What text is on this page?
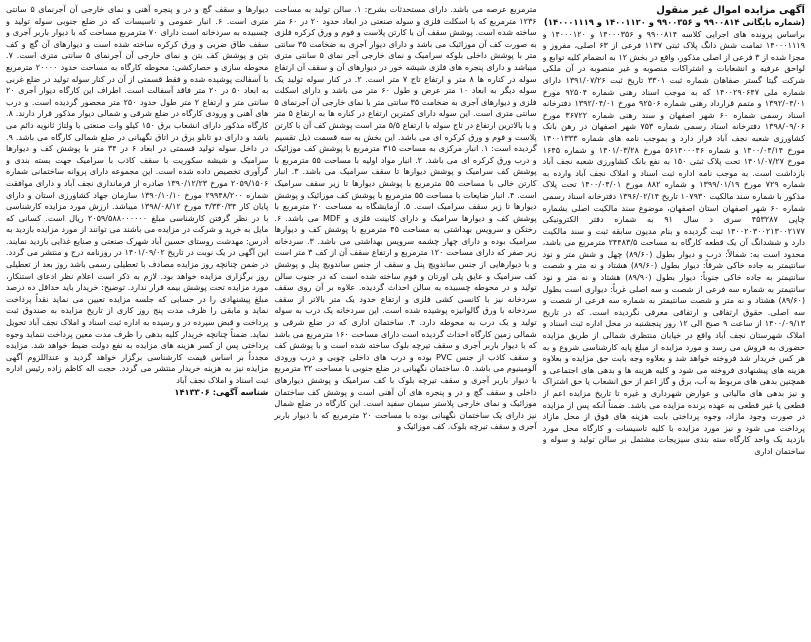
آگهی مزایده اموال غیر منقول

(شماره بایگانی ۹۹۰۰۸۱۴ و ۹۹۰۰۳۵۶ و ۱۴۰۰۱۱۲۰ و ۱۴۰۰۰۱۱۱۹)

براساس پرونده های اجرایی کلاسه ۹۹۰۰۸۱۴ و ۱۴۰۰۰۳۵۶ و ۱۴۰۰۰۱۲۰ و ۱۴۰۰۰۱۱۱۹ تمامت شش دانگ پلاک ثبتی ۱۱۳۷ فرعی از ۶۳ اصلی، مفروز و مجزا شده از ۳ فرعی از اصلی مذکور، واقع در بخش ۱۲ به انضمام کلیه توابع و لواحق عرفیه و انشعابات و اشتراکات منصوبه و غیر منصوبه در آن ملکی شرکت گیتا گستر صفاهان شماره ثبت ۳۳۰۱ تاریخ ثبت ۱۳۹۱/۰۷/۲۶ دارای شماره ملی ۱۴۰۰۲۹۰۶۴۷ که به موجب اسناد رهنی شماره ۹۲۵۰۴ مورخ ۱۳۹۲/۰۴/۰۱ و متمم قرارداد رهنی شماره ۹۲۵۰۶ مورخ ۱۳۹۲/۰۴/۰۱ دفترخانه اسناد رسمی شماره ۶۰ شهر اصفهان و سند رهنی شماره ۳۶۷۲۲ مورخ ۱۳۹۸/۰۹/۰۶ دفترخانه اسناد رسمی شماره ۷۵۳ شهر اصفهان در رهن بانک کشاورزی شعبه نجف آباد قرار دارد و بموجب نامه های شماره ۱۴۰۰۱۳۳۳ مورخ ۱۴۰۰/۰۴/۱۴ و شماره ۵۶۱۴۰۰۰۴۶ مورخ ۱۴۰۱/۰۳/۲۸ و شماره ۱۶۴۵ مورخ ۱۴۰۱/۰۷/۲۷ تحت پلاک ثبتی ۱۵۰ به نفع بانک کشاورزی شعبه نجف آباد بازداشت است. به موجب نامه اداره ثبت اسناد و املاک نجف آباد وارده به شماره ۷۲۹ مورخ ۱۳۹۹/۰۱/۱۹ و شماره ۸۸۲ مورخ ۱۴۰۰/۰۴/۰۱ تحت پلاک مذکور با شماره سند مالکیت ۱۰۷۹۳۰ تاریخ ۱۳۹۶/۰۲/۱۴ دفترخانه اسناد رسمی شماره ۶۰ شهر اصفهان استان اصفهان، موضوع سند مالکیت اصلی بشماره چاپی ۴۵۳۲۸۷ سری د سال ۹۱ به شماره دفتر الکترونیکی ۱۴۰۰۲۰۳۰۰۲۱۳۰۰۲۱۷۷ ثبت گردیده و بنام مدیون سابقه ثبت و سند مالکیت دارد و ششدانگ آن یک قطعه کارگاه به مساحت ۲۴۴۸۳/۵ مترمربع می باشد، محدود است به: شمالاً: درب و دیوار بطول (۸۹/۶۰) چهل و شش متر و نود سانتیمتر به جاده خاکی شرقاً: دیوار بطول (۸۹/۶۰) هشتاد و نه متر و شصت سانتیمتر به جاده خاکی جنوباً: دیوار بطول (۸۹/۹۰) هشتاد و نه متر و نود سانتیمتر به شماره سه فرعی از شصت و سه اصلی غرباً: دیواری است بطول (۸۹/۶۰) هشتاد و نه متر و شصت سانتیمتر به شماره سه فرعی از شصت و سه اصلی. حقوق ارتفاقی و ارتفاقی معرفی نگردیده است. که در تاریخ ۱۴۰۰/۰۹/۱۳ از ساعت ۹ صبح الی ۱۲ روز پنجشنبه در محل اداره ثبت اسناد و املاک شهرستان نجف آباد واقع در خیابان منتظری شمالی از طریق مزایده حضوری به فروش می رسد و مورد مزایده از مبلغ پایه کارشناسی شروع و به هر کس خریدار شد فروخته خواهد شد و بعلاوه وجه بابت حق مزایده و بعلاوه هزینه های پیشنهادی فروخته می شود و کلیه هزینه ها و بدهی های اجتماعی و همچنین بدهی های مربوط به آب، برق و گاز اعم از حق انشعاب یا حق اشتراک و نیز بدهی های مالیاتی و عوارض شهرداری و غیره تا تاریخ مزایده اعم از قطعی یا غیر قطعی به عهده برنده مزایده می باشد. ضمناً آنکه پس از مزایده در صورت وجود مازاد، وجوه پرداختی بابت هزینه های فوق از محل مازاد پرداخت می شود و نیز مورد مزایده با کلیه تاسیسات و کارگاه محل مورد بازدید یک واحد کارگاه سته بندی سیزیجات مشتمل بر سالن تولید و سوله و ساختمان اداری

مترمربع عرصه می باشد. دارای مستحدثات بشرح: ۱. سالن تولید به مساحت ۱۲۳۶ مترمربع که با اسکلت فلزی و سوله صنعتی در ابعاد حدود ۲۰ در ۶۰ متر ساخته شده است. پوشش سقف آن با کارتن پلاست و فوم و ورق کرکره فلزی به صورت کف آن موزائیک می باشد و دارای دیوار آجری به ضخامت ۳۵ سانتی متر با پوشش داخلی بلوکه سرامیک و نمای خارجی آجر نمای ۵ سانتی متری میباشد و دارای پنجره های فلزی شیشه خور در دیوارهای آن و سقف آن ارتفاع سوله در کناره ها ۸ متر و ارتفاع تاج ۷ متر است. ۲. در کنار سوله تولید یک سوله دیگر به ابعاد ۱۰ متر عرض و طول ۶۰ متر می باشد و دارای اسکلت فلزی و دیوارهای آجری به ضخامت ۳۵ سانتی متر با نمای خارجی آن آجرنمای ۵ سانتی متری است. این سوله دارای کمترین ارتفاع در کناره ها به ارتفاع ۵ متر و با بالاترین ارتفاع در تاج سوله با ارتفاع ۵/۵ متر است پوشش کف آن با کارتن پلاست و فوم و ورق کرکره ای می باشد. این بخش به سه قسمت ذیل تقسیم گردیده است: ۱. انبار مرکزی به مساحت ۳۱۵ مترمربع با پوشش کف موزائیک و درب ورق کرکره ای می باشد. ۲. انبار مواد اولیه با مساحت ۵۵ مترمربع با پوشش کف سرامیک و پوشش دیوارها تا سقف سرامیک می باشد. ۳. انبار کارتن خالی با مساحت ۵۵ مترمربع با پوشش دیوارها تا زیر سقف سرامیک است. ۴. انبار ضایعات با مساحت ۵۵ مترمربع با پوشش کف موزائیک و پوشش دیوارها تا زیر سقف سرامیک است. ۵. آزمایشگاه به مساحت ۲۰ مترمربع با پوشش کف و دیوارها سرامیک و دارای کابینت فلزی و MDF می باشد. ۶. رختکن و سرویس بهداشتی به مساحت ۴۵ مترمربع با پوشش کف و دیوارها سرامیک بوده و دارای چهار چشمه سرویس بهداشتی می باشد. ۳. سردخانه زیر صفر که دارای مساحت ۱۲۰ مترمربع و ارتفاع سقف آن از کف ۳ متر است و با دیوارهایی از جنس ساندویچ پنل و سقف از جنس ساندویچ پنل و پوشش کف سرامیک و عایق پلی اورتان و فوم ساخته شده است که در جنوب سالن تولید و در محوطه چسبیده به سالن احداث گردیده. علاوه بر آن روی سقف سردخانه نیز با کانسی کشی فلزی و ارتفاع حدود یک متر بالاتر از سقف سردخانه با ورق گالوانیزه پوشیده شده است. این سردخانه یک درب به سوله تولید و یک درب به محوطه دارد. ۴. ساختمان اداری که در ضلع شرقی و شمالی زمین کارگاه احداث گردیده است دارای مساحت ۱۶۰ مترمربع می باشد که با دیوار باربر آجری و سقف تیرچه بلوک ساخته شده است و با پوشش کف و سقف کاذب از جنس PVC بوده و درب های داخلی چوبی و درب ورودی آلومینیوم می باشد. ۵. ساختمان نگهبانی در ضلع جنوبی با مساحت ۳۲ مترمربع با دیوار باربر آجری و سقف تیرچه بلوک با کف سرامیک و پوشش دیوارهای داخلی و سقف گچ و در و پنجره های آن آهنی است و پوشش کف ساختمان موزائیک و نمای خارجی پلاستر سیمان سفید است. این کارگاه در ضلع شمال نیز دارای یک ساختمان نگهبانی بوده با مساحت ۲۰ مترمربع که با دیوار باربر آجری و سقف تیرچه بلوک. کف موزائیک و

دیوارها و سقف گچ و در و پنجره آهنی و نمای خارجی آن آجرنمای ۵ سانتی متری است. ۶. انبار عمومی و تاسیسات که در ضلع جنوبی سوله تولید و چسبیده به سردخانه است دارای ۷۰ مترمربع مساحت که با دیوار باربر آجری و سقف طاق ضربی و ورق کرکره ساخته شده است و دیوارهای آن گچ و کف بتن و پوشش کف بتن و نمای خارجی آن آجرنمای ۵ سانتی متری است. ۷. محوطه سازی و حصارکشی: محوطه کارگاه به مساحت حدود ۲۰۰۰۰ مترمربع با آسفالت پوشیده شده و فقط قسمتی از آن در کنار سوله تولید در ضلع غربی به ابعاد ۵۰ در ۲۰ متر فاقد آسفالت است. اطراف این کارگاه دیوار آجری ۲۰ سانتی متر و ارتفاع ۲ متر طول حدود ۲۵۰ متر محصور گردیده است. و درب های آهنی و ورودی کارگاه در ضلع شرقی و شمالی دیوار مذکور قرار دارند. ۸. کارگاه مذکور دارای انشعاب برق ۱۵۰ کیلو وات صنعتی با ولتاژ ثانویه دائم می باشد و دارای دو تابلو برق در اتاق نگهبانی در ضلع شمالی کارگاه می باشد. ۹. در داخل سوله تولید قسمتی در ابعاد ۶ در ۳۴ متر با پوشش کف و دیوارها سرامیک و شیشه سکوریت با سقف کاذب با سرامیک جهت بسته بندی و گرآوری تخصیص داده شده است. این مجموعه دارای پروانه ساختمانی شماره ۲۰۵۹/۱۵۰۶ مورخ ۱۳۹۰/۱۲/۲۳ صادره از فرمانداری نجف آباد و دارای موافقت شماره ۲۹۹۴۸/۲۰۰ مورخ ۱۳۹۰/۱۰/۱۰ سازمان جهاد کشاورزی استان و دارای پایان کار ۴/۳۳۰/۳۴ مورخ ۱۳۹۸/۰۸/۱۲ میباشد. ارزش مورد مزایده کارشناسی با در نظر گرفتن کارشناسی مبلغ ۲۰۵۹/۵۸۸۰۰۰۰۰۰ ریال است. کسانی که مایل به خرید و شرکت در مزایده می باشند می توانند از مورد مزایده بازدید به آدرس: مهدشت روستای حسین آباد شهرک صنعتی و صنایع غذایی بازدید نمایند. این آگهی در یک نوبت در تاریخ ۱۴۰۱/۰۹/۰۲ در روزنامه درج و منتشر می گردد. در ضمن چنانچه روز مزایده مصادف با تعطیلی رسمی باشد روز بعد از تعطیلی روز برگزاری مزایده خواهد بود. لازم به ذکر است اعلام نظر ادعای استنکار، مورد مزایده تحت پوشش بیمه قرار ندارد. توضیح: خریدار باید حداقل ده درصد مبلغ پیشنهادی را در حسابی که جلسه مزایده تعیین می نماید نقداً پرداخت نماید و مابقی را ظرف مدت پنج روز کاری از تاریخ مزایده به صندوق ثبت پرداخت و قبض سپرده در و رسیده به اداره ثبت اسناد و املاک نجف آباد تحویل نماید. ضمناً چنانچه خریدار کلیه بدهی را ظرف مدت معین پرداخت ننماید وجوه پرداختی پس از کسر هزینه های مزایده به نفع دولت ضبط خواهد شد. مزایده مجدداً بر اساس قیمت کارشناسی برگزار خواهد گردید و عنداللزوم آگهی مزایده نیز به هزینه خریدار منتشر می گردد. حجت اله کاظم زاده رئیس اداره ثبت اسناد و املاک نجف آباد

شناسه آگهی: ۱۴۱۳۳۰۶
